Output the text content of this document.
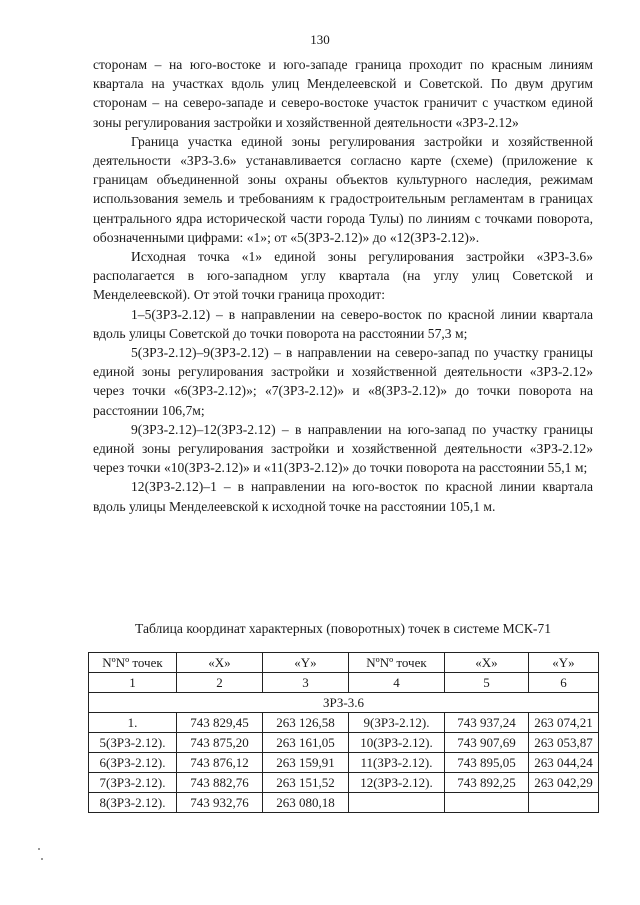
130

сторонам – на юго-востоке и юго-западе граница проходит по красным линиям квартала на участках вдоль улиц Менделеевской и Советской. По двум другим сторонам – на северо-западе и северо-востоке участок граничит с участком единой зоны регулирования застройки и хозяйственной деятельности «ЗРЗ-2.12»

Граница участка единой зоны регулирования застройки и хозяйственной деятельности «ЗРЗ-3.6» устанавливается согласно карте (схеме) (приложение к границам объединенной зоны охраны объектов культурного наследия, режимам использования земель и требованиям к градостроительным регламентам в границах центрального ядра исторической части города Тулы) по линиям с точками поворота, обозначенными цифрами: «1»; от «5(ЗРЗ-2.12)» до «12(ЗРЗ-2.12)».

Исходная точка «1» единой зоны регулирования застройки «ЗРЗ-3.6» располагается в юго-западном углу квартала (на углу улиц Советской и Менделеевской). От этой точки граница проходит:

1–5(ЗРЗ-2.12) – в направлении на северо-восток по красной линии квартала вдоль улицы Советской до точки поворота на расстоянии 57,3 м;

5(ЗРЗ-2.12)–9(ЗРЗ-2.12) – в направлении на северо-запад по участку границы единой зоны регулирования застройки и хозяйственной деятельности «ЗРЗ-2.12» через точки «6(ЗРЗ-2.12)»; «7(ЗРЗ-2.12)» и «8(ЗРЗ-2.12)» до точки поворота на расстоянии 106,7м;

9(ЗРЗ-2.12)–12(ЗРЗ-2.12) – в направлении на юго-запад по участку границы единой зоны регулирования застройки и хозяйственной деятельности «ЗРЗ-2.12» через точки «10(ЗРЗ-2.12)» и «11(ЗРЗ-2.12)» до точки поворота на расстоянии 55,1 м;

12(ЗРЗ-2.12)–1 – в направлении на юго-восток по красной линии квартала вдоль улицы Менделеевской к исходной точке на расстоянии 105,1 м.

Таблица координат характерных (поворотных) точек в системе МСК-71
NºNº точек	«X»	«Y»	NºNº точек	«X»	«Y»
1	2	3	4	5	6
ЗРЗ-3.6					
1.	743 829,45	263 126,58	9(ЗРЗ-2.12).	743 937,24	263 074,21
5(ЗРЗ-2.12).	743 875,20	263 161,05	10(ЗРЗ-2.12).	743 907,69	263 053,87
6(ЗРЗ-2.12).	743 876,12	263 159,91	11(ЗРЗ-2.12).	743 895,05	263 044,24
7(ЗРЗ-2.12).	743 882,76	263 151,52	12(ЗРЗ-2.12).	743 892,25	263 042,29
8(ЗРЗ-2.12).	743 932,76	263 080,18			
